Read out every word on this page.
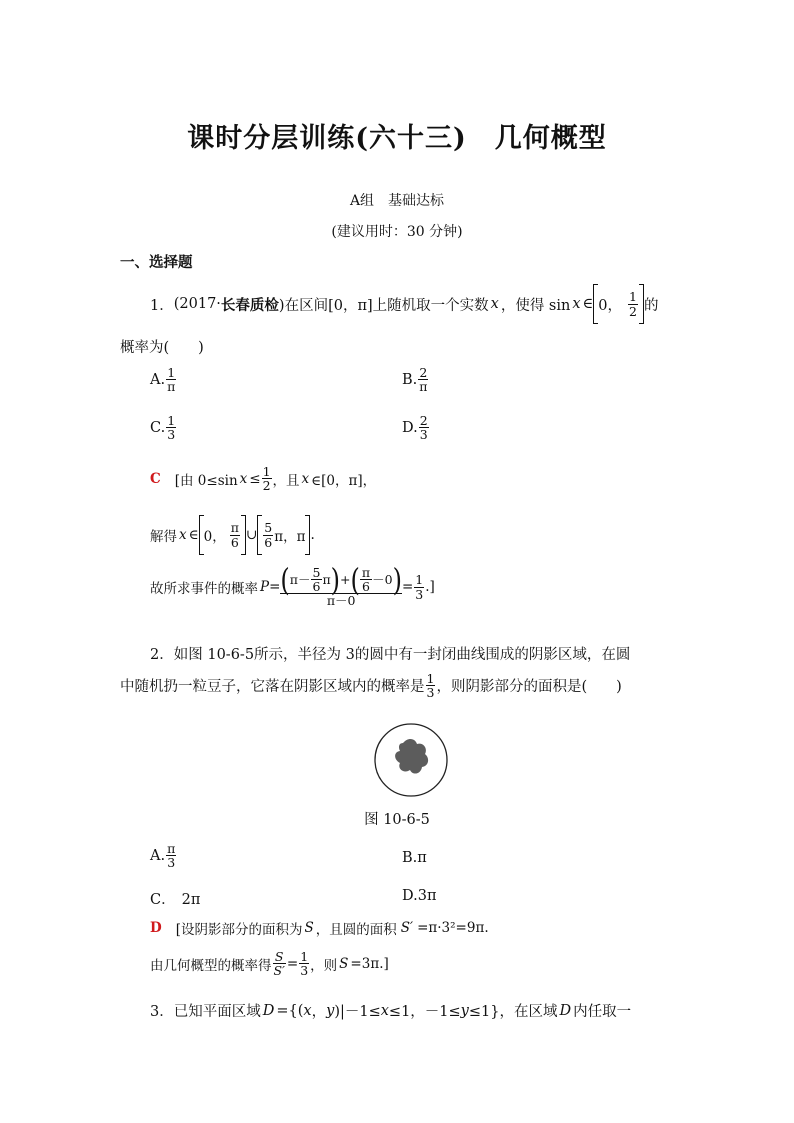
课时分层训练(六十三)　几何概型
A组　基础达标
(建议用时：30 分钟)
一、选择题
1． (2017· 长春质检 )在区间[0，π]上随机取一个实数 x ，使得 sin x ∈ 0， $\frac{1}{2}$ 的
概率为(　　)
A. $\frac{1}{\pi}$	B. $\frac{2}{\pi}$
C. $\frac{1}{3}$	D. $\frac{2}{3}$
C [由 0≤sin $x \le \frac{1}{2}$ ，且 x ∈[0，π]，
解得 x ∈ 0， $\frac{\pi}{6}$ ∪ $\frac{5}{6}$ π，π .
故所求事件的概率 P = ( $\pi- \frac{5}{6}$ π ) + ( $\frac{\pi}{6} -0$ )
π－0
= $\frac{1}{3}$ .]
2．如图 10-6-5所示，半径为 3的圆中有一封闭曲线围成的阴影区域，在圆
中随机扔一粒豆子，它落在阴影区域内的概率是 $\frac{1}{3}$ ，则阴影部分的面积是(　　)
图 10-6-5
A. $\frac{\pi}{3}$	B.π
C． 2π	D.3π
D [设阴影部分的面积为 S ，且圆的面积 S′ =π·3²=9π.
由几何概型的概率得 $\frac{S}{S'} = \frac{1}{3}$ ，则 S =3π.]
3． 已知平面区域 D ={( x ， y )|－1≤ x ≤1，－1≤ y ≤1}，在区域 D 内任取一
